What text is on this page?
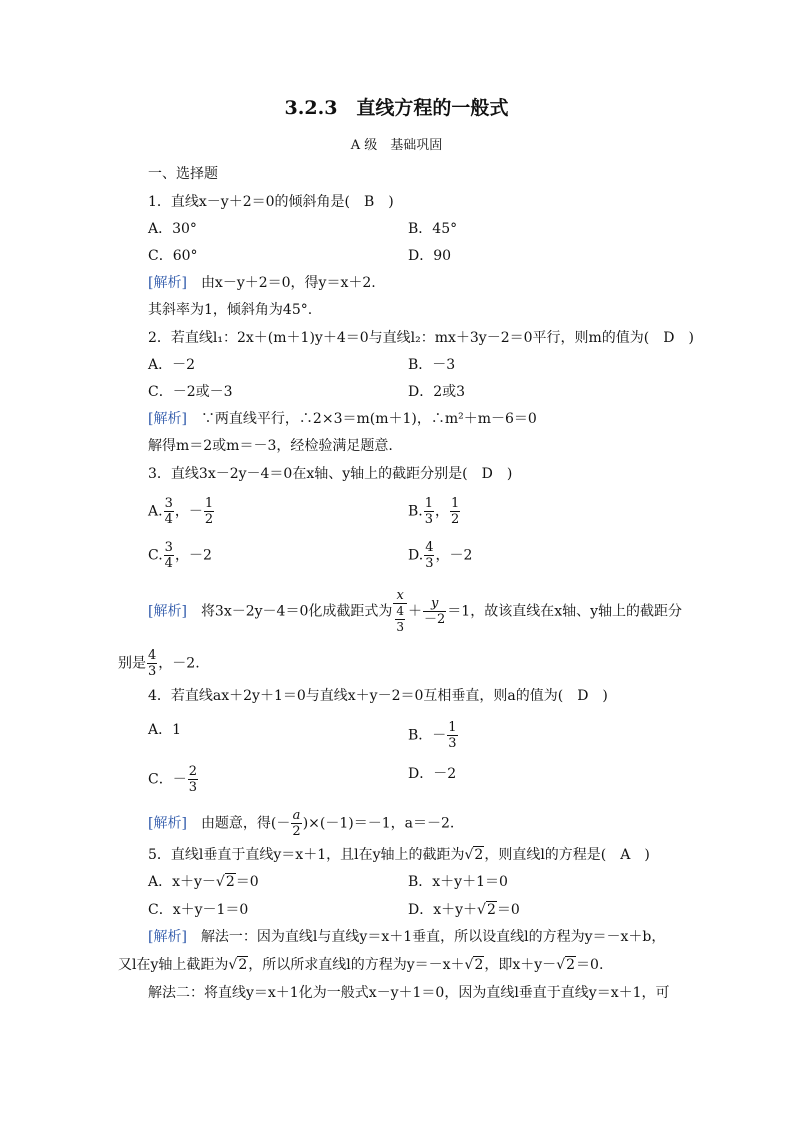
3.2.3　直线方程的一般式
A 级　基础巩固
一、选择题
1．直线x－y＋2＝0的倾斜角是(　B　)
A．30°	B．45°
C．60°	D．90
[解析]　 由x－y＋2＝0，得y＝x＋2.
其斜率为1，倾斜角为45°.
2．若直线l₁：2x＋(m＋1)y＋4＝0与直线l₂：mx＋3y－2＝0平行，则m的值为(　D　)
A．－2	B．－3
C．－2或－3	D．2或3
[解析]　 ∵两直线平行，∴2×3＝m(m＋1)，∴m²＋m－6＝0
解得m＝2或m＝－3，经检验满足题意.
3．直线3x－2y－4＝0在x轴、y轴上的截距分别是(　D　)
A. $\frac{3}{4}$ ，－ $\frac{1}{2}$	B. $\frac{1}{3}$ ， $\frac{1}{2}$
C. $\frac{3}{4}$ ，－2	D. $\frac{4}{3}$ ，－2
[解析]　 将3x－2y－4＝0化成截距式为 $\frac{x}{\frac{4}{3}} + \frac{y}{-2} =1$，故该直线在x轴、y轴上的截距分
别是 $\frac{4}{3}$ ，－2.
4．若直线ax＋2y＋1＝0与直线x＋y－2＝0互相垂直，则a的值为(　D　)
A．1	B．－ $\frac{1}{3}$
C．－ $\frac{2}{3}$	D．－2
[解析]　 由题意，得(－ $\frac{a}{2} )\times(-1)=-1$，a＝－2.
5．直线l垂直于直线y＝x＋1，且l在y轴上的截距为√2，则直线l的方程是(　A　)
A．x＋y－√2＝0	B．x＋y＋1＝0
C．x＋y－1＝0	D．x＋y＋√2＝0
[解析]　 解法一：因为直线l与直线y＝x＋1垂直，所以设直线l的方程为y＝－x＋b，
又l在y轴上截距为√2，所以所求直线l的方程为y＝－x＋√2，即x＋y－√2＝0.
解法二：将直线y＝x＋1化为一般式x－y＋1＝0，因为直线l垂直于直线y＝x＋1，可
